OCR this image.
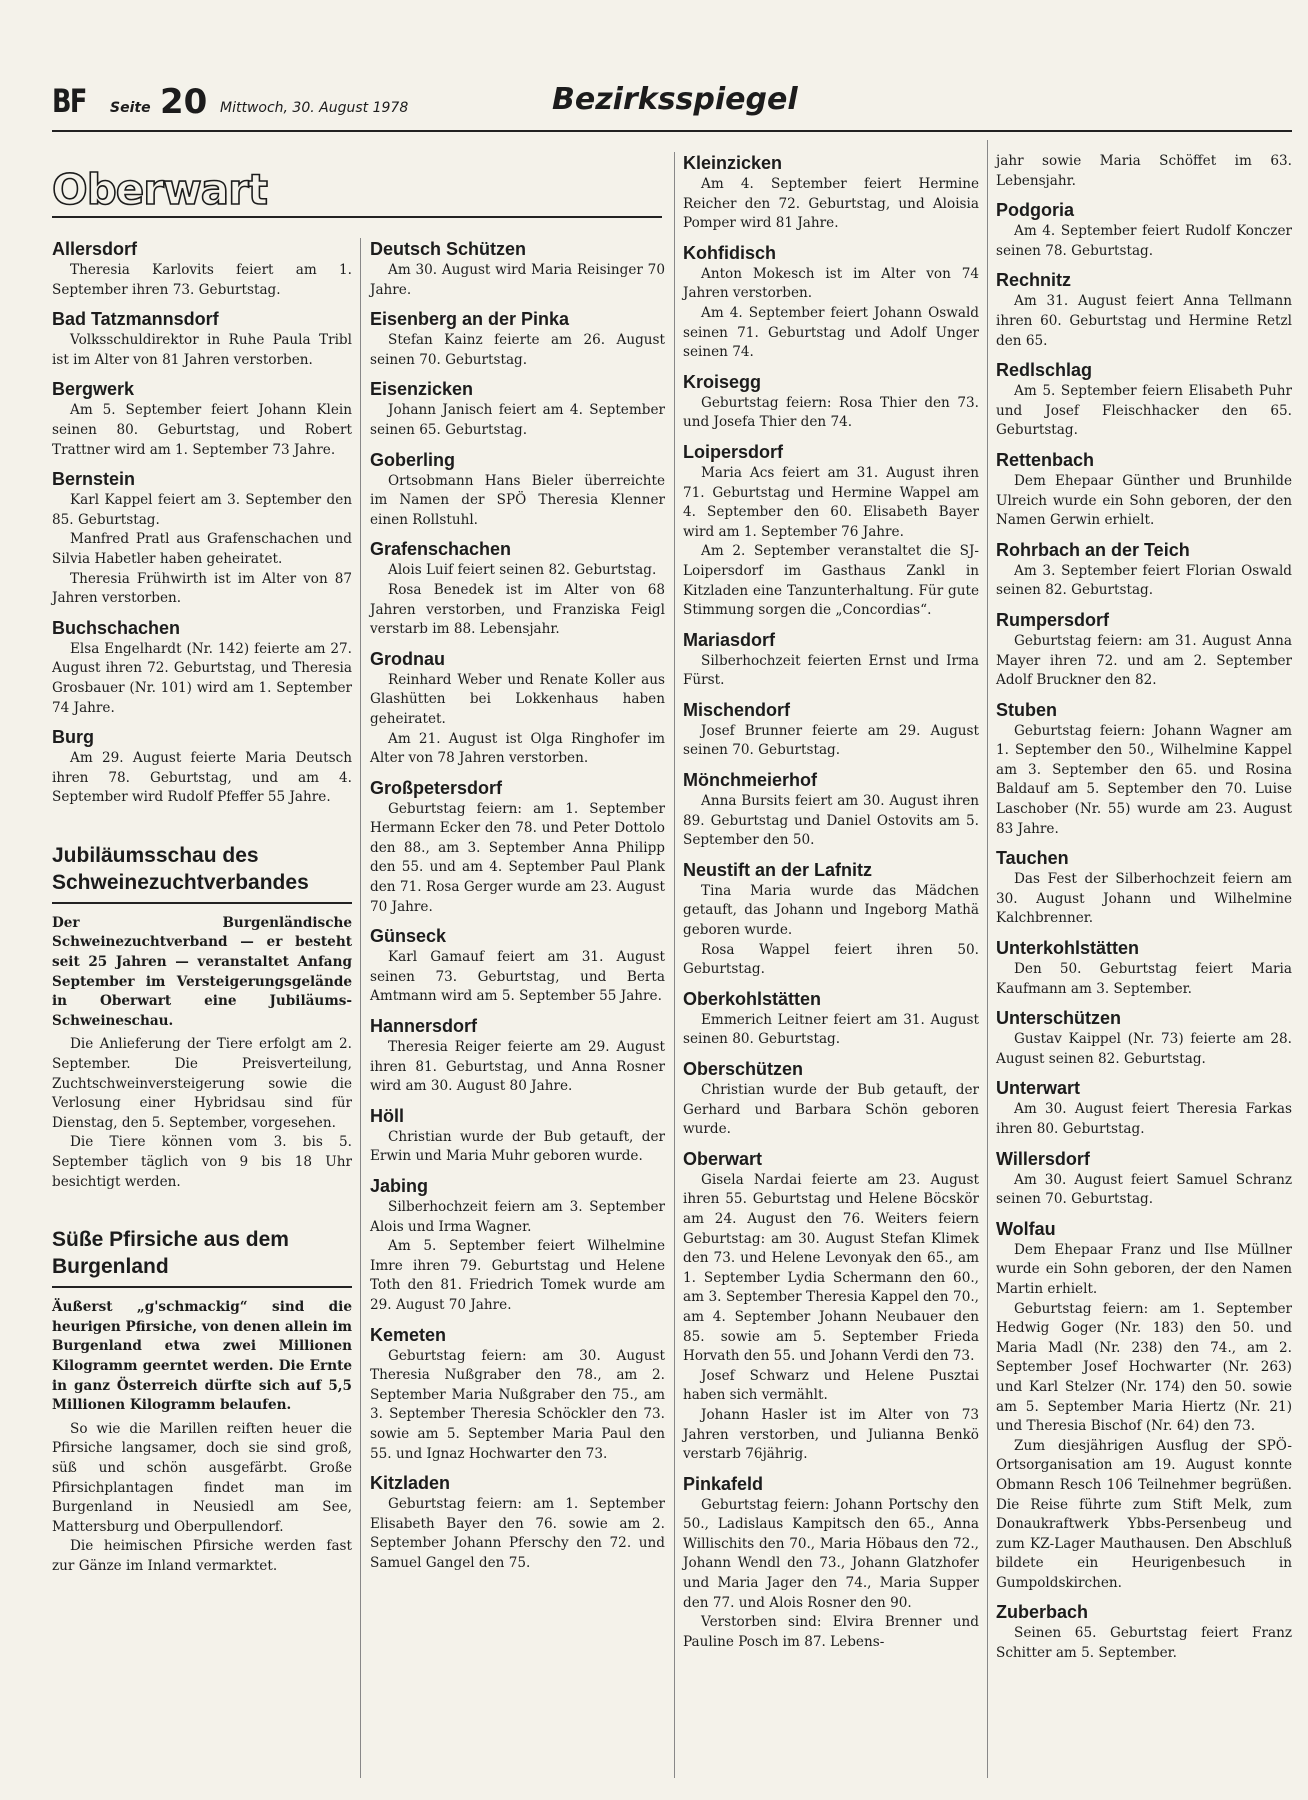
BF Seite 20 Mittwoch, 30. August 1978	Bezirksspiegel
Oberwart
Allersdorf

Theresia Karlovits feiert am 1. September ihren 73. Geburtstag.

Bad Tatzmannsdorf

Volksschuldirektor in Ruhe Paula Tribl ist im Alter von 81 Jahren verstorben.

Bergwerk

Am 5. September feiert Johann Klein seinen 80. Geburtstag, und Robert Trattner wird am 1. September 73 Jahre.

Bernstein

Karl Kappel feiert am 3. September den 85. Geburtstag.

Manfred Pratl aus Grafenschachen und Silvia Habetler haben geheiratet.

Theresia Frühwirth ist im Alter von 87 Jahren verstorben.

Buchschachen

Elsa Engelhardt (Nr. 142) feierte am 27. August ihren 72. Geburtstag, und Theresia Grosbauer (Nr. 101) wird am 1. September 74 Jahre.

Burg

Am 29. August feierte Maria Deutsch ihren 78. Geburtstag, und am 4. September wird Rudolf Pfeffer 55 Jahre.

Jubiläumsschau des Schweinezuchtverbandes

Der Burgenländische Schweinezuchtverband — er besteht seit 25 Jahren — veranstaltet Anfang September im Versteigerungsgelände in Oberwart eine Jubiläums-Schweineschau.

Die Anlieferung der Tiere erfolgt am 2. September. Die Preisverteilung, Zuchtschweinversteigerung sowie die Verlosung einer Hybridsau sind für Dienstag, den 5. September, vorgesehen.

Die Tiere können vom 3. bis 5. September täglich von 9 bis 18 Uhr besichtigt werden.

Süße Pfirsiche aus dem Burgenland

Äußerst „g'schmackig“ sind die heurigen Pfirsiche, von denen allein im Burgenland etwa zwei Millionen Kilogramm geerntet werden. Die Ernte in ganz Österreich dürfte sich auf 5,5 Millionen Kilogramm belaufen.

So wie die Marillen reiften heuer die Pfirsiche langsamer, doch sie sind groß, süß und schön ausgefärbt. Große Pfirsichplantagen findet man im Burgenland in Neusiedl am See, Mattersburg und Oberpullendorf.

Die heimischen Pfirsiche werden fast zur Gänze im Inland vermarktet.

Deutsch Schützen

Am 30. August wird Maria Reisinger 70 Jahre.

Eisenberg an der Pinka

Stefan Kainz feierte am 26. August seinen 70. Geburtstag.

Eisenzicken

Johann Janisch feiert am 4. September seinen 65. Geburtstag.

Goberling

Ortsobmann Hans Bieler überreichte im Namen der SPÖ Theresia Klenner einen Rollstuhl.

Grafenschachen

Alois Luif feiert seinen 82. Geburtstag.

Rosa Benedek ist im Alter von 68 Jahren verstorben, und Franziska Feigl verstarb im 88. Lebensjahr.

Grodnau

Reinhard Weber und Renate Koller aus Glashütten bei Lokkenhaus haben geheiratet.

Am 21. August ist Olga Ringhofer im Alter von 78 Jahren verstorben.

Großpetersdorf

Geburtstag feiern: am 1. September Hermann Ecker den 78. und Peter Dottolo den 88., am 3. September Anna Philipp den 55. und am 4. September Paul Plank den 71. Rosa Gerger wurde am 23. August 70 Jahre.

Günseck

Karl Gamauf feiert am 31. August seinen 73. Geburtstag, und Berta Amtmann wird am 5. September 55 Jahre.

Hannersdorf

Theresia Reiger feierte am 29. August ihren 81. Geburtstag, und Anna Rosner wird am 30. August 80 Jahre.

Höll

Christian wurde der Bub getauft, der Erwin und Maria Muhr geboren wurde.

Jabing

Silberhochzeit feiern am 3. September Alois und Irma Wagner.

Am 5. September feiert Wilhelmine Imre ihren 79. Geburtstag und Helene Toth den 81. Friedrich Tomek wurde am 29. August 70 Jahre.

Kemeten

Geburtstag feiern: am 30. August Theresia Nußgraber den 78., am 2. September Maria Nußgraber den 75., am 3. September Theresia Schöckler den 73. sowie am 5. September Maria Paul den 55. und Ignaz Hochwarter den 73.

Kitzladen

Geburtstag feiern: am 1. September Elisabeth Bayer den 76. sowie am 2. September Johann Pferschy den 72. und Samuel Gangel den 75.

Kleinzicken

Am 4. September feiert Hermine Reicher den 72. Geburtstag, und Aloisia Pomper wird 81 Jahre.

Kohfidisch

Anton Mokesch ist im Alter von 74 Jahren verstorben.

Am 4. September feiert Johann Oswald seinen 71. Geburtstag und Adolf Unger seinen 74.

Kroisegg

Geburtstag feiern: Rosa Thier den 73. und Josefa Thier den 74.

Loipersdorf

Maria Acs feiert am 31. August ihren 71. Geburtstag und Hermine Wappel am 4. September den 60. Elisabeth Bayer wird am 1. September 76 Jahre.

Am 2. September veranstaltet die SJ-Loipersdorf im Gasthaus Zankl in Kitzladen eine Tanzunterhaltung. Für gute Stimmung sorgen die „Concordias“.

Mariasdorf

Silberhochzeit feierten Ernst und Irma Fürst.

Mischendorf

Josef Brunner feierte am 29. August seinen 70. Geburtstag.

Mönchmeierhof

Anna Bursits feiert am 30. August ihren 89. Geburtstag und Daniel Ostovits am 5. September den 50.

Neustift an der Lafnitz

Tina Maria wurde das Mädchen getauft, das Johann und Ingeborg Mathä geboren wurde.

Rosa Wappel feiert ihren 50. Geburtstag.

Oberkohlstätten

Emmerich Leitner feiert am 31. August seinen 80. Geburtstag.

Oberschützen

Christian wurde der Bub getauft, der Gerhard und Barbara Schön geboren wurde.

Oberwart

Gisela Nardai feierte am 23. August ihren 55. Geburtstag und Helene Böcskör am 24. August den 76. Weiters feiern Geburtstag: am 30. August Stefan Klimek den 73. und Helene Levonyak den 65., am 1. September Lydia Schermann den 60., am 3. September Theresia Kappel den 70., am 4. September Johann Neubauer den 85. sowie am 5. September Frieda Horvath den 55. und Johann Verdi den 73.

Josef Schwarz und Helene Pusztai haben sich vermählt.

Johann Hasler ist im Alter von 73 Jahren verstorben, und Julianna Benkö verstarb 76jährig.

Pinkafeld

Geburtstag feiern: Johann Portschy den 50., Ladislaus Kampitsch den 65., Anna Willischits den 70., Maria Höbaus den 72., Johann Wendl den 73., Johann Glatzhofer und Maria Jager den 74., Maria Supper den 77. und Alois Rosner den 90.

Verstorben sind: Elvira Brenner und Pauline Posch im 87. Lebens-

jahr sowie Maria Schöffet im 63. Lebensjahr.

Podgoria

Am 4. September feiert Rudolf Konczer seinen 78. Geburtstag.

Rechnitz

Am 31. August feiert Anna Tellmann ihren 60. Geburtstag und Hermine Retzl den 65.

Redlschlag

Am 5. September feiern Elisabeth Puhr und Josef Fleischhacker den 65. Geburtstag.

Rettenbach

Dem Ehepaar Günther und Brunhilde Ulreich wurde ein Sohn geboren, der den Namen Gerwin erhielt.

Rohrbach an der Teich

Am 3. September feiert Florian Oswald seinen 82. Geburtstag.

Rumpersdorf

Geburtstag feiern: am 31. August Anna Mayer ihren 72. und am 2. September Adolf Bruckner den 82.

Stuben

Geburtstag feiern: Johann Wagner am 1. September den 50., Wilhelmine Kappel am 3. September den 65. und Rosina Baldauf am 5. September den 70. Luise Laschober (Nr. 55) wurde am 23. August 83 Jahre.

Tauchen

Das Fest der Silberhochzeit feiern am 30. August Johann und Wilhelmine Kalchbrenner.

Unterkohlstätten

Den 50. Geburtstag feiert Maria Kaufmann am 3. September.

Unterschützen

Gustav Kaippel (Nr. 73) feierte am 28. August seinen 82. Geburtstag.

Unterwart

Am 30. August feiert Theresia Farkas ihren 80. Geburtstag.

Willersdorf

Am 30. August feiert Samuel Schranz seinen 70. Geburtstag.

Wolfau

Dem Ehepaar Franz und Ilse Müllner wurde ein Sohn geboren, der den Namen Martin erhielt.

Geburtstag feiern: am 1. September Hedwig Goger (Nr. 183) den 50. und Maria Madl (Nr. 238) den 74., am 2. September Josef Hochwarter (Nr. 263) und Karl Stelzer (Nr. 174) den 50. sowie am 5. September Maria Hiertz (Nr. 21) und Theresia Bischof (Nr. 64) den 73.

Zum diesjährigen Ausflug der SPÖ-Ortsorganisation am 19. August konnte Obmann Resch 106 Teilnehmer begrüßen. Die Reise führte zum Stift Melk, zum Donaukraftwerk Ybbs-Persenbeug und zum KZ-Lager Mauthausen. Den Abschluß bildete ein Heurigenbesuch in Gumpoldskirchen.

Zuberbach

Seinen 65. Geburtstag feiert Franz Schitter am 5. September.
